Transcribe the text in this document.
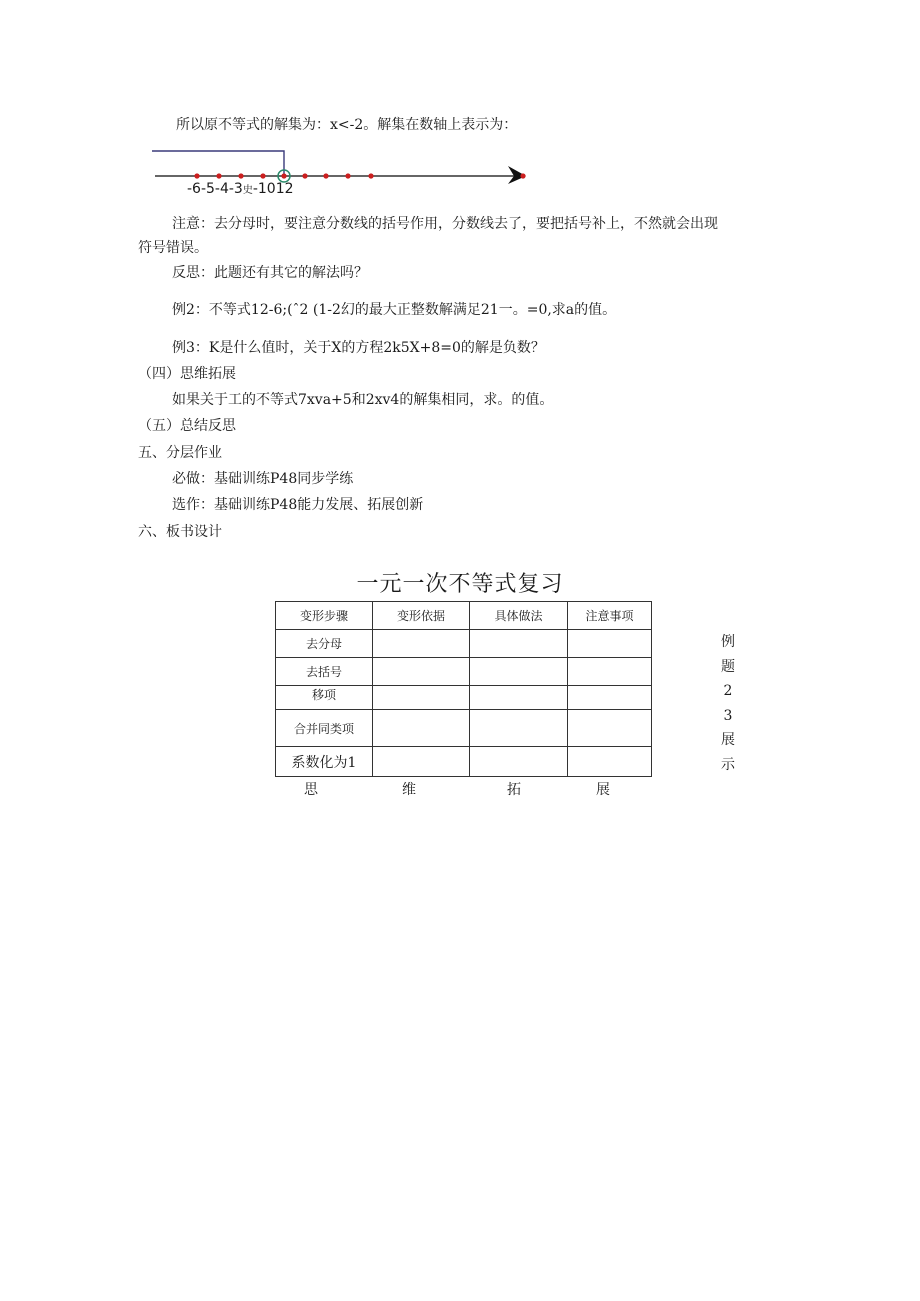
所以原不等式的解集为：x<-2。解集在数轴上表示为：
-6-5-4-3史-1012
注意：去分母时，要注意分数线的括号作用，分数线去了，要把括号补上，不然就会出现
符号错误。
反思：此题还有其它的解法吗？
例2：不等式12-6;(ˆ2 (1-2幻的最大正整数解满足21一。=0,求a的值。
例3：K是什么值时，关于X的方程2k5X+8=0的解是负数？
（四）思维拓展
如果关于工的不等式7xva+5和2xv4的解集相同，求。的值。
（五）总结反思
五、分层作业
必做：基础训练P48同步学练
选作：基础训练P48能力发展、拓展创新
六、板书设计
一元一次不等式复习
变形步骤	变形依据	具体做法	注意事项
去分母			
去括号			
移项			
合并同类项			
系数化为1			
例
题
2
3
展
示
思	维	拓	展
